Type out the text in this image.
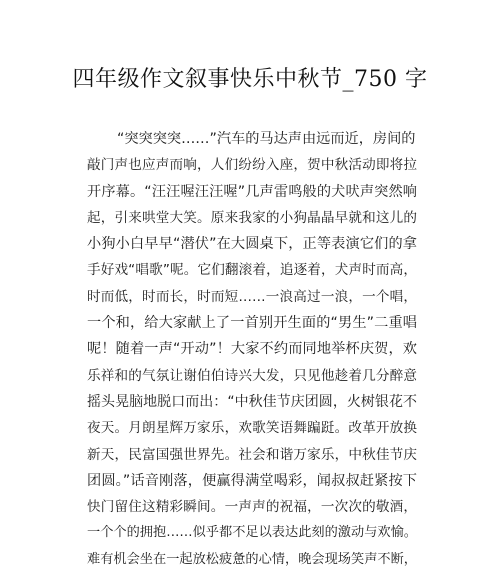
四年级作文叙事快乐中秋节_750 字
“突突突突……”汽车的马达声由远而近，房间的
敲门声也应声而响，人们纷纷入座，贺中秋活动即将拉
开序幕。“汪汪喔汪汪喔”几声雷鸣般的犬吠声突然响
起，引来哄堂大笑。原来我家的小狗晶晶早就和这儿的
小狗小白早早“潜伏”在大圆桌下，正等表演它们的拿
手好戏“唱歌”呢。它们翻滚着，追逐着，犬声时而高，
时而低，时而长，时而短……一浪高过一浪，一个唱，
一个和，给大家献上了一首别开生面的“男生”二重唱
呢！随着一声“开动”！大家不约而同地举杯庆贺，欢
乐祥和的气氛让谢伯伯诗兴大发，只见他趁着几分醉意
摇头晃脑地脱口而出：“中秋佳节庆团圆，火树银花不
夜天。月朗星辉万家乐，欢歌笑语舞蹁跹。改革开放换
新天，民富国强世界先。社会和谐万家乐，中秋佳节庆
团圆。”话音刚落，便赢得满堂喝彩，闻叔叔赶紧按下
快门留住这精彩瞬间。一声声的祝福，一次次的敬酒，
一个个的拥抱……似乎都不足以表达此刻的激动与欢愉。
难有机会坐在一起放松疲惫的心情，晚会现场笑声不断，
